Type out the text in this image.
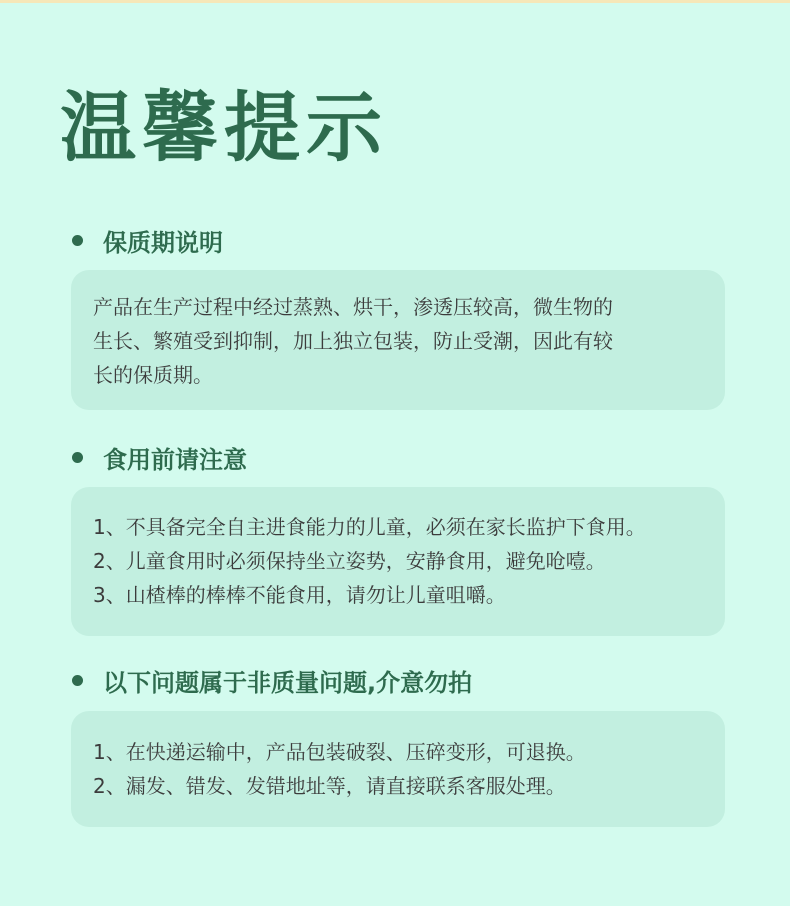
温馨提示
保质期说明
产品在生产过程中经过蒸熟、烘干，渗透压较高，微生物的
生长、繁殖受到抑制，加上独立包装，防止受潮，因此有较
长的保质期。
食用前请注意
1、不具备完全自主进食能力的儿童，必须在家长监护下食用。
2、儿童食用时必须保持坐立姿势，安静食用，避免呛噎。
3、山楂棒的棒棒不能食用，请勿让儿童咀嚼。
以下问题属于非质量问题,介意勿拍
1、在快递运输中，产品包装破裂、压碎变形，可退换。
2、漏发、错发、发错地址等，请直接联系客服处理。
